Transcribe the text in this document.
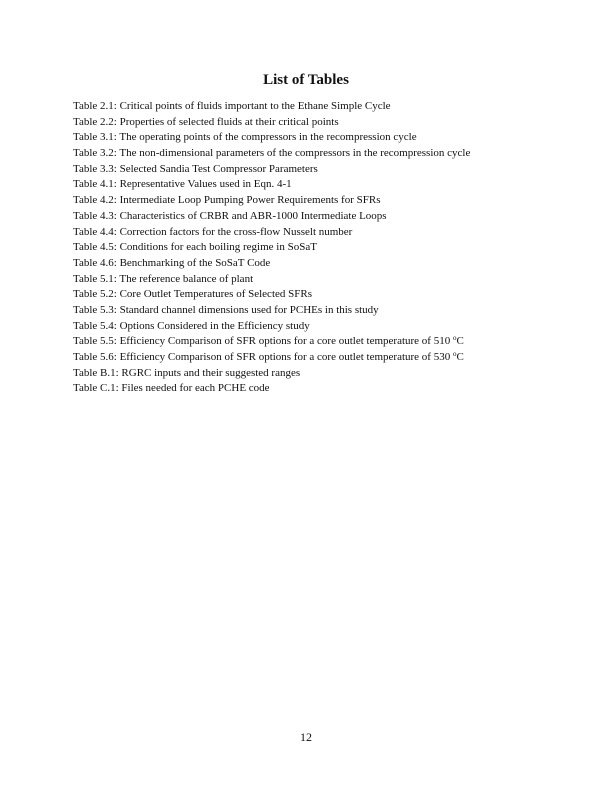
List of Tables
Table 2.1: Critical points of fluids important to the Ethane Simple Cycle
Table 2.2: Properties of selected fluids at their critical points
Table 3.1: The operating points of the compressors in the recompression cycle
Table 3.2: The non-dimensional parameters of the compressors in the recompression cycle
Table 3.3: Selected Sandia Test Compressor Parameters
Table 4.1: Representative Values used in Eqn. 4-1
Table 4.2: Intermediate Loop Pumping Power Requirements for SFRs
Table 4.3: Characteristics of CRBR and ABR-1000 Intermediate Loops
Table 4.4: Correction factors for the cross-flow Nusselt number
Table 4.5: Conditions for each boiling regime in SoSaT
Table 4.6: Benchmarking of the SoSaT Code
Table 5.1: The reference balance of plant
Table 5.2: Core Outlet Temperatures of Selected SFRs
Table 5.3: Standard channel dimensions used for PCHEs in this study
Table 5.4: Options Considered in the Efficiency study
Table 5.5: Efficiency Comparison of SFR options for a core outlet temperature of 510 $^o$C
Table 5.6: Efficiency Comparison of SFR options for a core outlet temperature of 530 $^o$C
Table B.1: RGRC inputs and their suggested ranges
Table C.1: Files needed for each PCHE code
12
